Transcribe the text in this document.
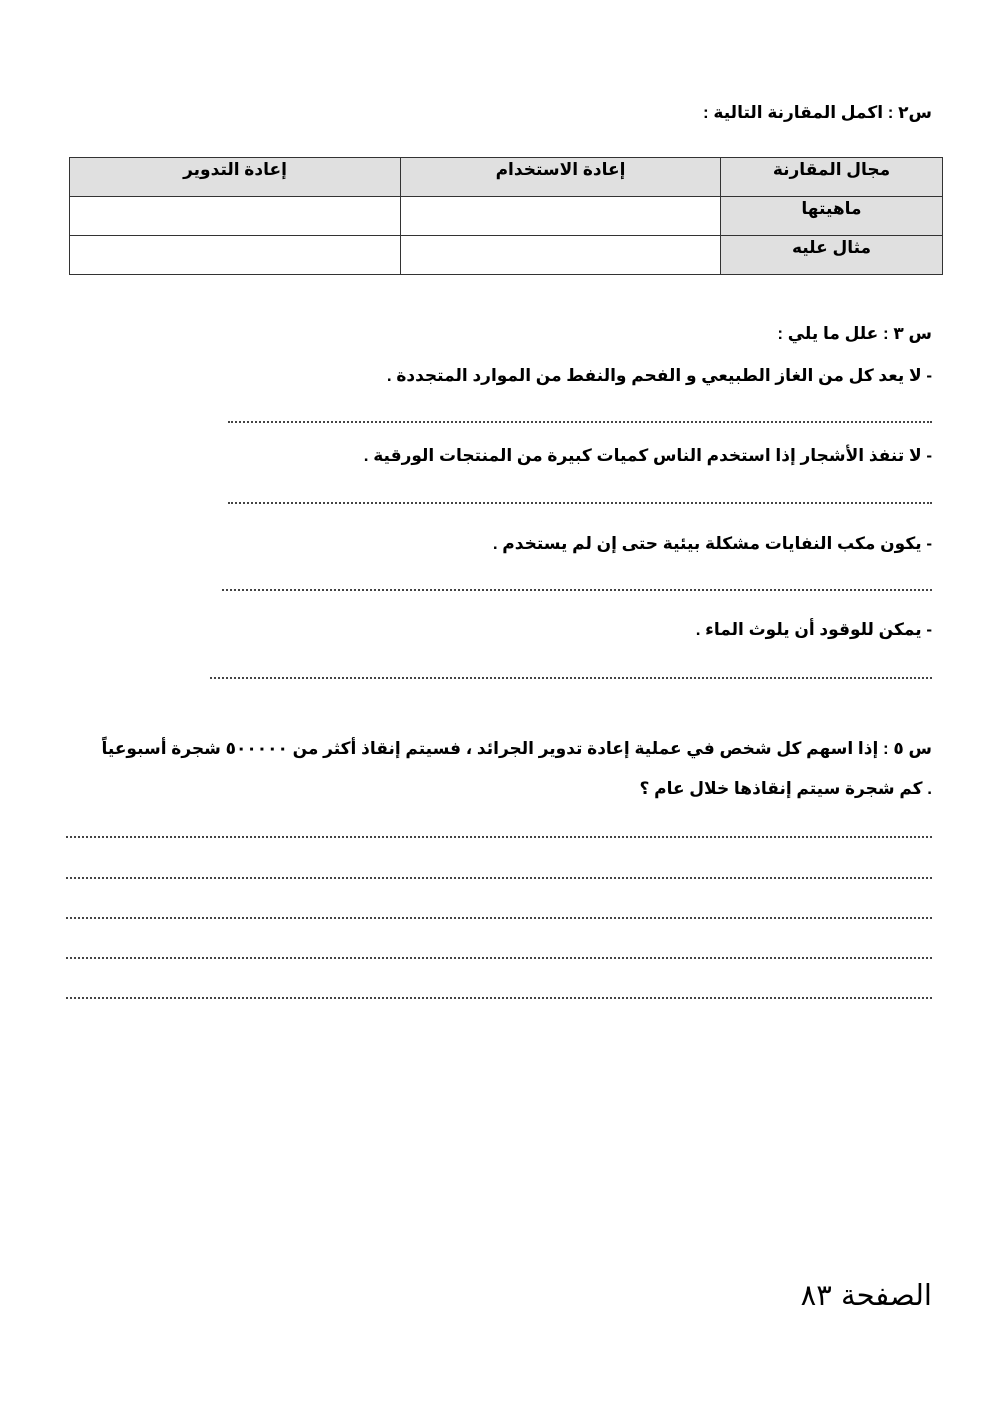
س٢ : اكمل المقارنة التالية :
مجال المقارنة	إعادة الاستخدام	إعادة التدوير
ماهيتها		
مثال عليه		
س ٣ : علل ما يلي :
- لا يعد كل من الغاز الطبيعي و الفحم والنفط من الموارد المتجددة .
- لا تنفذ الأشجار إذا استخدم الناس كميات كبيرة من المنتجات الورقية .
- يكون مكب النفايات مشكلة بيئية حتى إن لم يستخدم .
- يمكن للوقود أن يلوث الماء .
س ٥ : إذا اسهم كل شخص في عملية إعادة تدوير الجرائد ، فسيتم إنقاذ أكثر من ٥٠٠٠٠٠ شجرة أسبوعياً . كم شجرة سيتم إنقاذها خلال عام ؟
الصفحة ٨٣
